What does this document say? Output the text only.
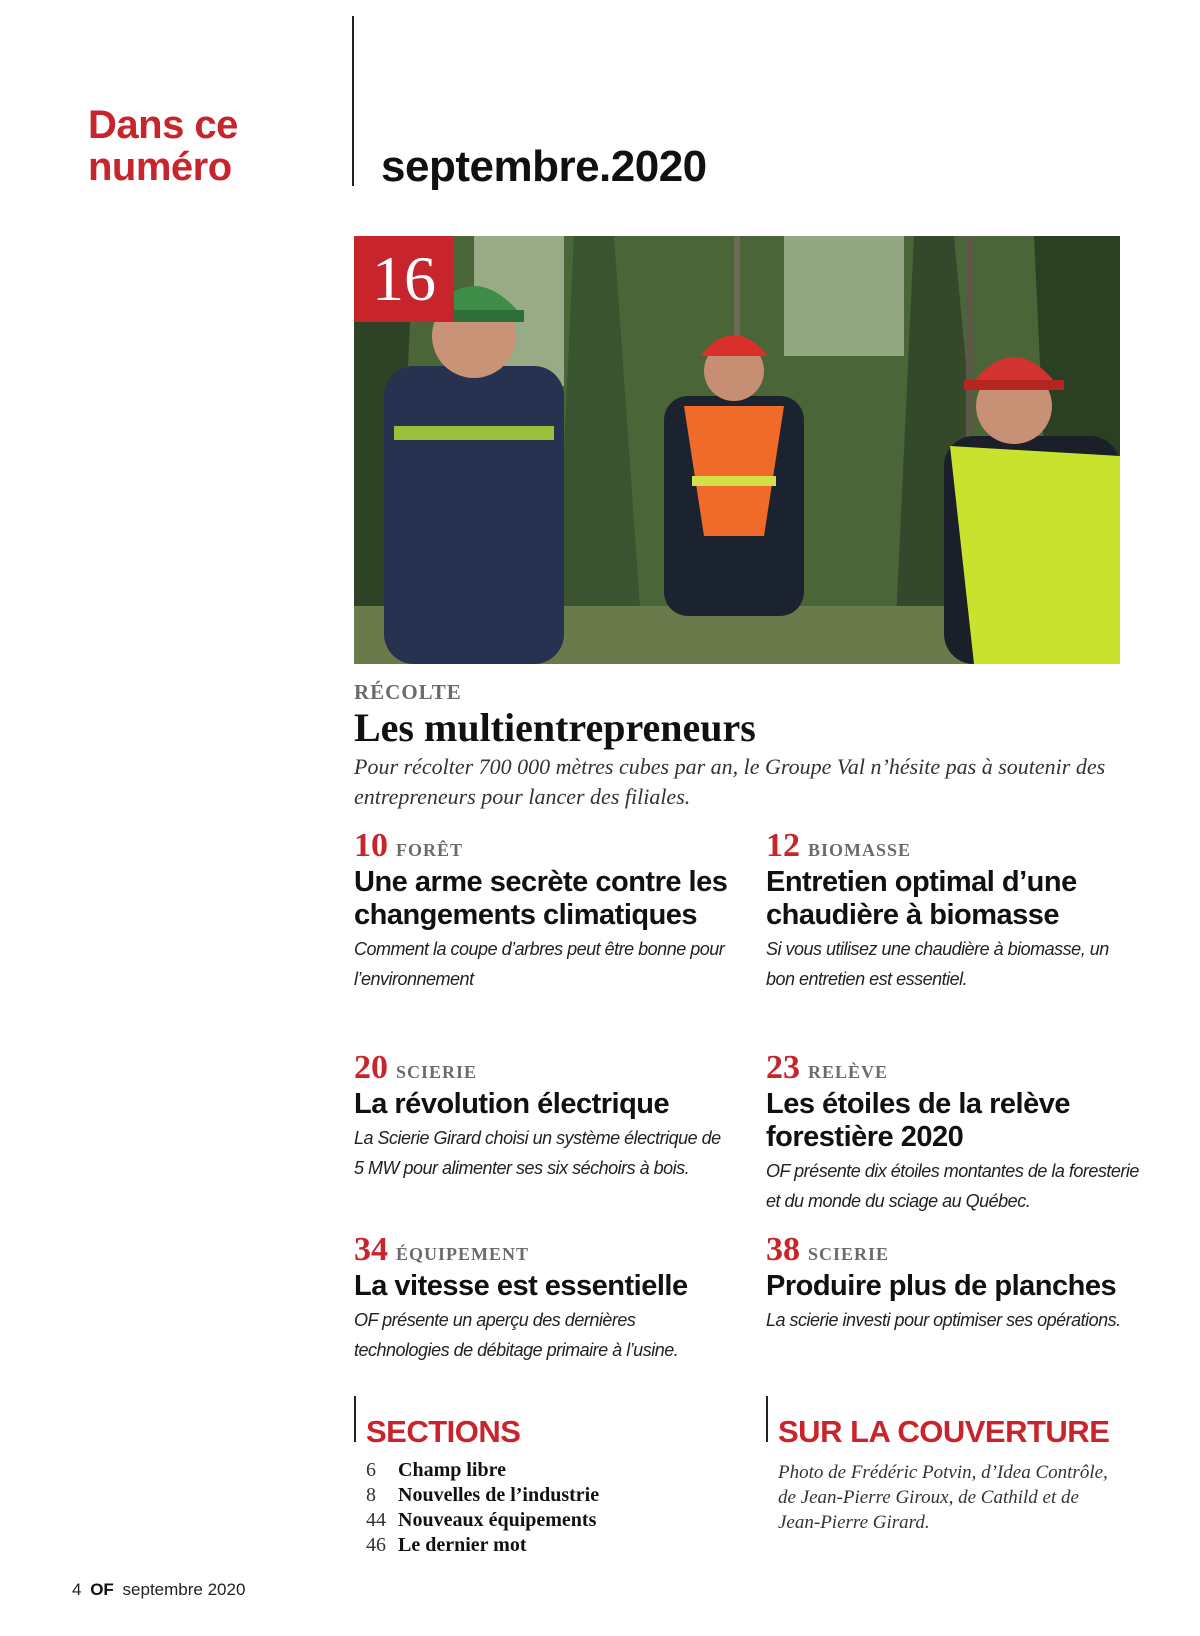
Dans ce
numéro	septembre.2020
16
RÉCOLTE
Les multientrepreneurs
Pour récolter 700 000 mètres cubes par an, le Groupe Val n’hésite pas à soutenir des entrepreneurs pour lancer des filiales.
10 FORÊT
Une arme secrète contre les changements climatiques
Comment la coupe d’arbres peut être bonne pour l’environnement
12 BIOMASSE
Entretien optimal d’une chaudière à biomasse
Si vous utilisez une chaudière à biomasse, un bon entretien est essentiel.
20 SCIERIE
La révolution électrique
La Scierie Girard choisi un système électrique de 5 MW pour alimenter ses six séchoirs à bois.
23 RELÈVE
Les étoiles de la relève forestière 2020
OF présente dix étoiles montantes de la foresterie et du monde du sciage au Québec.
34 ÉQUIPEMENT
La vitesse est essentielle
OF présente un aperçu des dernières technologies de débitage primaire à l’usine.
38 SCIERIE
Produire plus de planches
La scierie investi pour optimiser ses opérations.
SECTIONS
6	Champ libre
8	Nouvelles de l’industrie
44 Nouveaux équipements
46 Le dernier mot
SUR LA COUVERTURE
Photo de Frédéric Potvin, d’Idea Contrôle, de Jean-Pierre Giroux, de Cathild et de Jean-Pierre Girard.
4 OF septembre 2020
